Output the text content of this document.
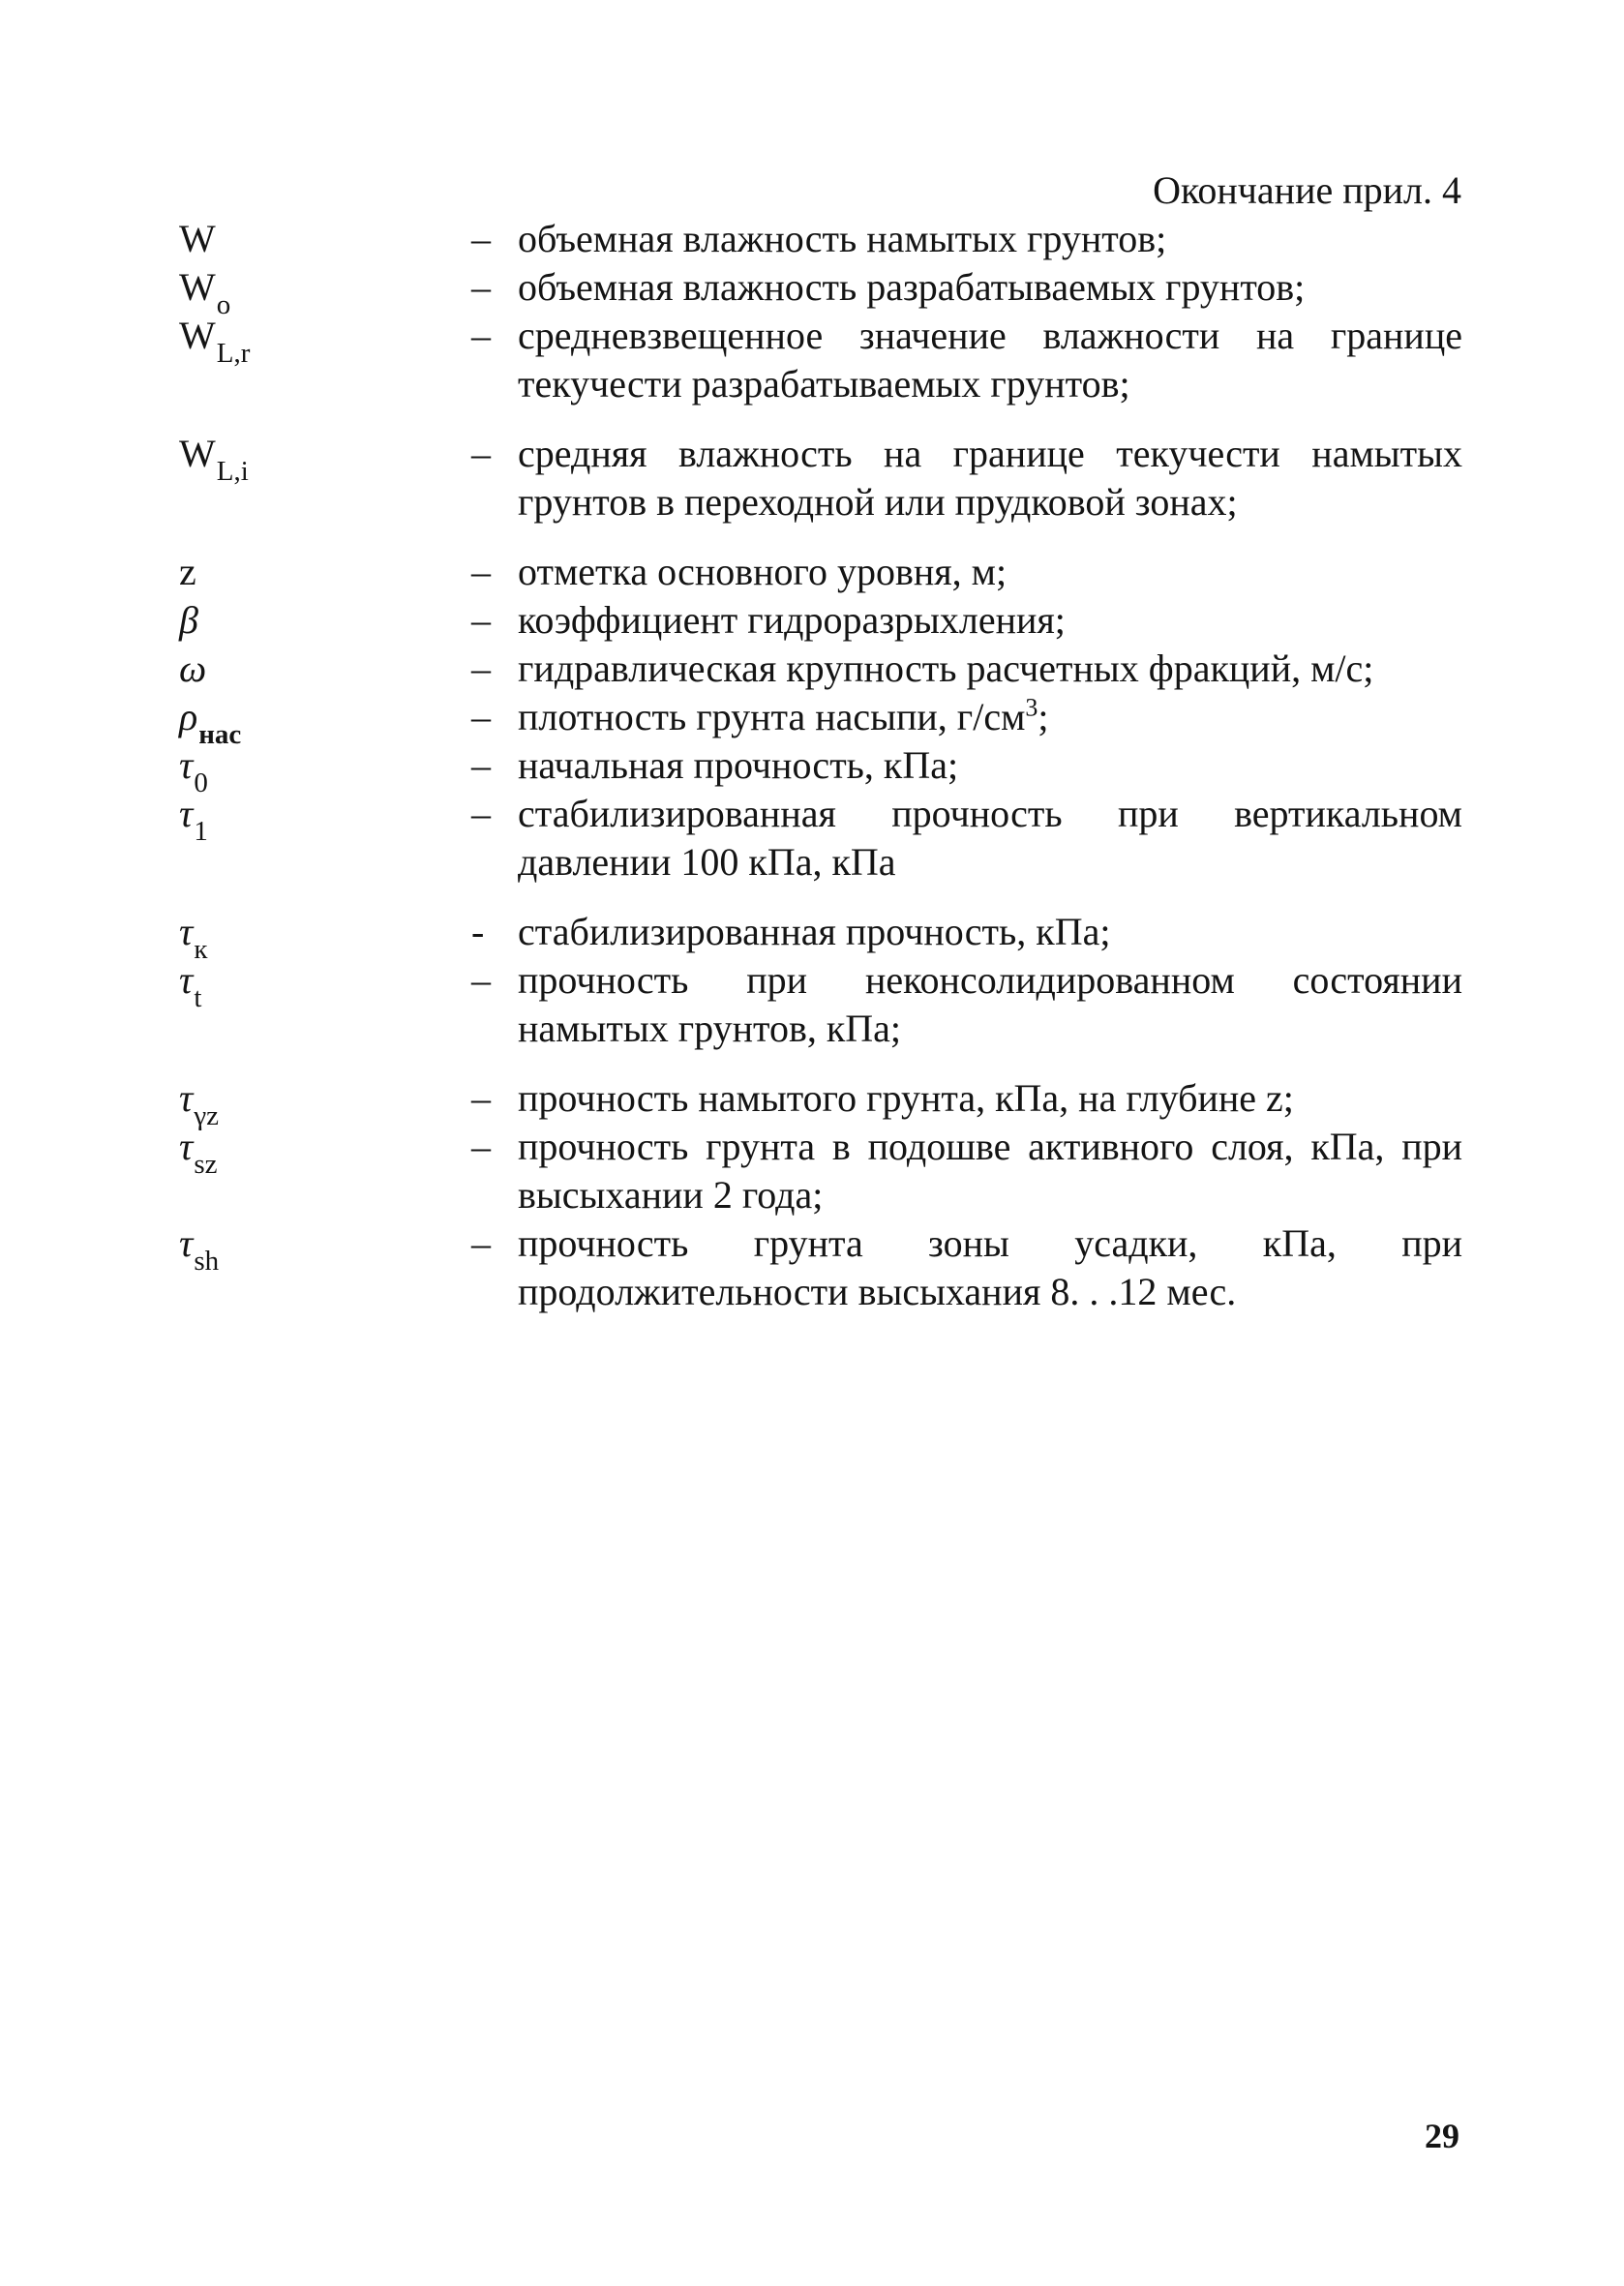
Окончание прил. 4
W	– объемная влажность намытых грунтов;
$W_o$	– объемная влажность разрабатываемых грунтов;
$W_{L,r}$	– средневзвещенное значение влажности на границе текучести разрабатываемых грунтов;
$W_{L,i}$	– средняя влажность на границе текучести намытых грунтов в переходной или прудковой зонах;
z	– отметка основного уровня, м;
β	– коэффициент гидроразрыхления;
ω	– гидравлическая крупность расчетных фракций, м/с;
$\rho_{нас}$	– плотность грунта насыпи, $г/см^3$;
$\tau_0$	– начальная прочность, кПа;
$\tau_1$	– стабилизированная прочность при вертикальном давлении 100 кПа, кПа
$\tau_к$	- стабилизированная прочность, кПа;
$\tau_t$	– прочность при неконсолидированном состоянии намытых грунтов, кПа;
$\tau_{\gamma z}$	– прочность намытого грунта, кПа, на глубине z;
$\tau_{sz}$	– прочность грунта в подошве активного слоя, кПа, при высыхании 2 года;
$\tau_{sh}$	– прочность грунта зоны усадки, кПа, при продолжительности высыхания 8. . .12 мес.
29
